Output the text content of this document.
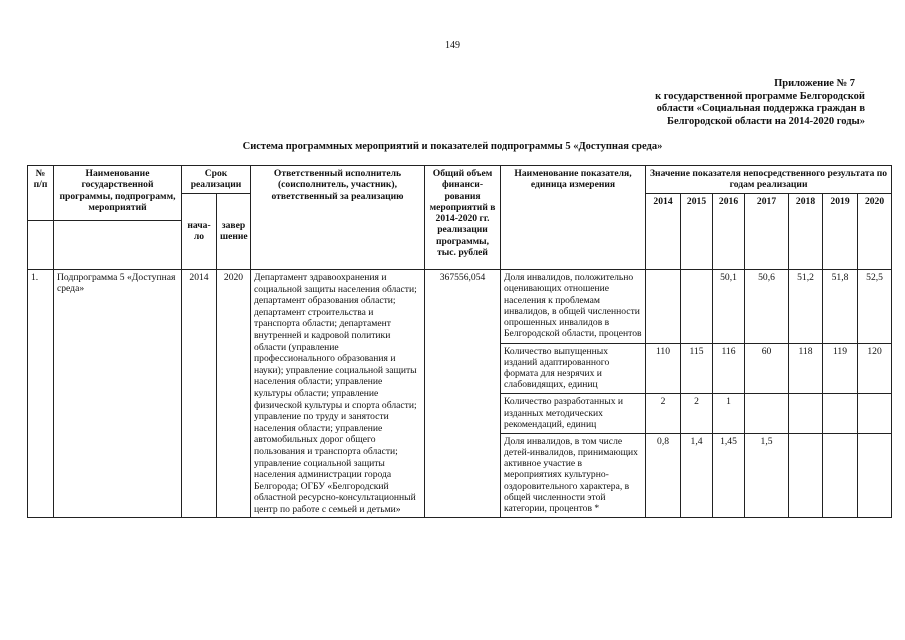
149
Приложение № 7
к государственной программе Белгородской
области «Социальная поддержка граждан в
Белгородской области на 2014-2020 годы»
Система программных мероприятий и показателей подпрограммы 5 «Доступная среда»
№ п/п	Наименование государственной программы, подпрограмм, мероприятий	Срок реализации		Ответственный исполнитель (соисполнитель, участник), ответственный за реализацию	Общий объем финанси-рования мероприятий в 2014-2020 гг. реализации программы, тыс. рублей	Наименование показателя, единица измерения	Значение показателя непосредственного результата по годам реализации						
		нача-ло	завер шение				2014	2015	2016	2017	2018	2019	2020

1.	Подпрограмма 5 «Доступная среда»	2014	2020	Департамент здравоохранения и социальной защиты населения области; департамент образования области; департамент строительства и транспорта области; департамент внутренней и кадровой политики области (управление профессионального образования и науки); управление социальной защиты населения области; управление культуры области; управление физической культуры и спорта области; управление по труду и занятости населения области; управление автомобильных дорог общего пользования и транспорта области; управление социальной защиты населения администрации города Белгорода; ОГБУ «Белгородский областной ресурсно-консультационный центр по работе с семьей и детьми»	367556,054	Доля инвалидов, положительно оценивающих отношение населения к проблемам инвалидов, в общей численности опрошенных инвалидов в Белгородской области, процентов			50,1	50,6	51,2	51,8	52,5
						Количество выпущенных изданий адаптированного формата для незрячих и слабовидящих, единиц	110	115	116	60	118	119	120
						Количество разработанных и изданных методических рекомендаций, единиц	2	2	1				
						Доля инвалидов, в том числе детей-инвалидов, принимающих активное участие в мероприятиях культурно-оздоровительного характера, в общей численности этой категории, процентов *	0,8	1,4	1,45	1,5			
